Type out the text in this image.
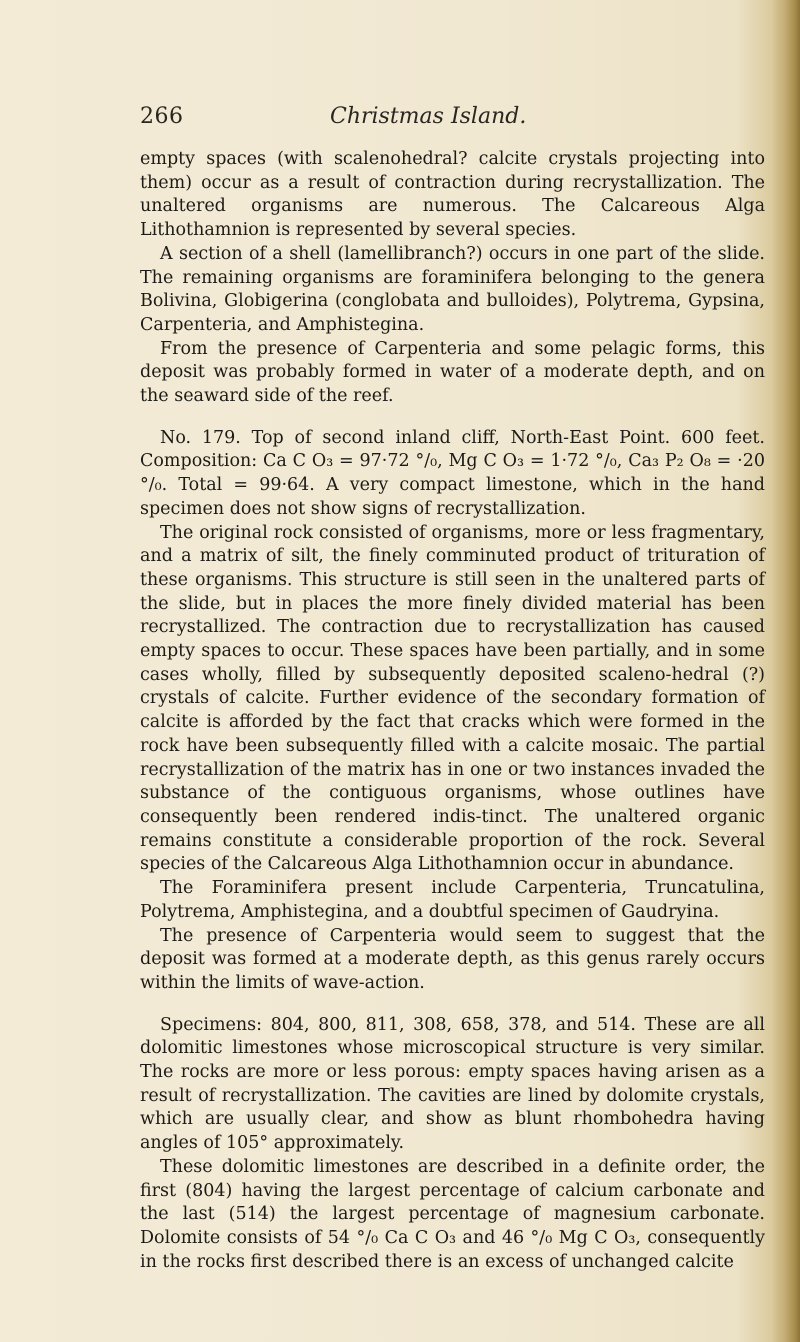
266	Christmas Island.

empty spaces (with scalenohedral? calcite crystals projecting into them) occur as a result of contraction during recrystallization. The unaltered organisms are numerous. The Calcareous Alga Lithothamnion is represented by several species.

A section of a shell (lamellibranch?) occurs in one part of the slide. The remaining organisms are foraminifera belonging to the genera Bolivina, Globigerina (conglobata and bulloides), Polytrema, Gypsina, Carpenteria, and Amphistegina.

From the presence of Carpenteria and some pelagic forms, this deposit was probably formed in water of a moderate depth, and on the seaward side of the reef.

No. 179. Top of second inland cliff, North-East Point. 600 feet. Composition: Ca C O₃ = 97·72 °/₀, Mg C O₃ = 1·72 °/₀, Ca₃ P₂ O₈ = ·20 °/₀. Total = 99·64. A very compact limestone, which in the hand specimen does not show signs of recrystallization.

The original rock consisted of organisms, more or less fragmentary, and a matrix of silt, the finely comminuted product of trituration of these organisms. This structure is still seen in the unaltered parts of the slide, but in places the more finely divided material has been recrystallized. The contraction due to recrystallization has caused empty spaces to occur. These spaces have been partially, and in some cases wholly, filled by subsequently deposited scaleno-hedral (?) crystals of calcite. Further evidence of the secondary formation of calcite is afforded by the fact that cracks which were formed in the rock have been subsequently filled with a calcite mosaic. The partial recrystallization of the matrix has in one or two instances invaded the substance of the contiguous organisms, whose outlines have consequently been rendered indis-tinct. The unaltered organic remains constitute a considerable proportion of the rock. Several species of the Calcareous Alga Lithothamnion occur in abundance.

The Foraminifera present include Carpenteria, Truncatulina, Polytrema, Amphistegina, and a doubtful specimen of Gaudryina.

The presence of Carpenteria would seem to suggest that the deposit was formed at a moderate depth, as this genus rarely occurs within the limits of wave-action.

Specimens: 804, 800, 811, 308, 658, 378, and 514. These are all dolomitic limestones whose microscopical structure is very similar. The rocks are more or less porous: empty spaces having arisen as a result of recrystallization. The cavities are lined by dolomite crystals, which are usually clear, and show as blunt rhombohedra having angles of 105° approximately.

These dolomitic limestones are described in a definite order, the first (804) having the largest percentage of calcium carbonate and the last (514) the largest percentage of magnesium carbonate. Dolomite consists of 54 °/₀ Ca C O₃ and 46 °/₀ Mg C O₃, consequently in the rocks first described there is an excess of unchanged calcite
